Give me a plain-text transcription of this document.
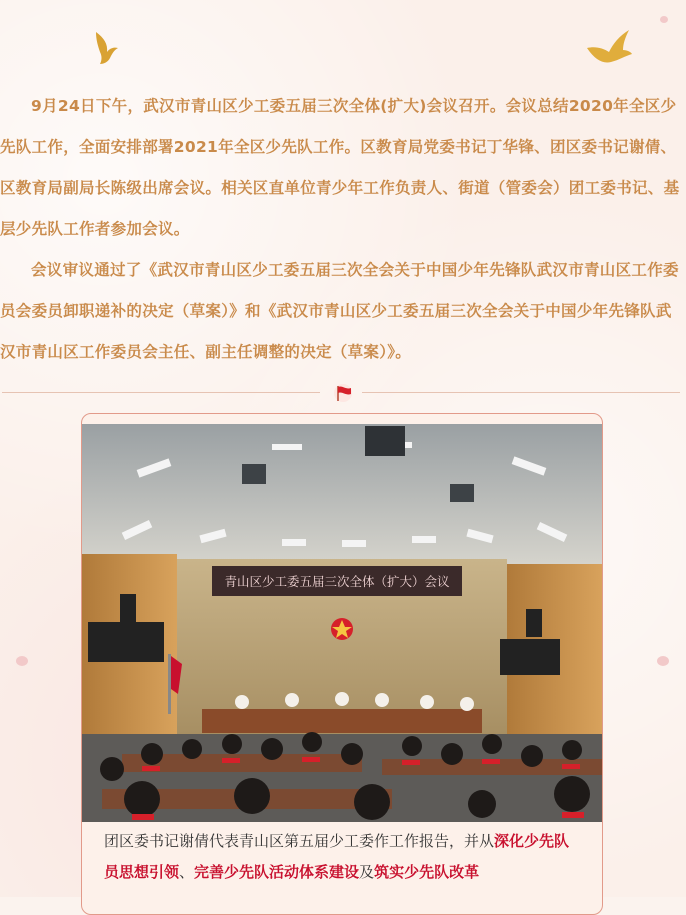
9月24日下午，武汉市青山区少工委五届三次全体(扩大)会议召开。会议总结2020年全区少先队工作，全面安排部署2021年全区少先队工作。区教育局党委书记丁华锋、团区委书记谢倩、区教育局副局长陈级出席会议。相关区直单位青少年工作负责人、街道（管委会）团工委书记、基层少先队工作者参加会议。

会议审议通过了《武汉市青山区少工委五届三次全会关于中国少年先锋队武汉市青山区工作委员会委员卸职递补的决定（草案）》和《武汉市青山区少工委五届三次全会关于中国少年先锋队武汉市青山区工作委员会主任、副主任调整的决定（草案）》。

青山区少工委五届三次全体（扩大）会议
团区委书记谢倩代表青山区第五届少工委作工作报告，并从深化少先队员思想引领、完善少先队活动体系建设及筑实少先队改革
